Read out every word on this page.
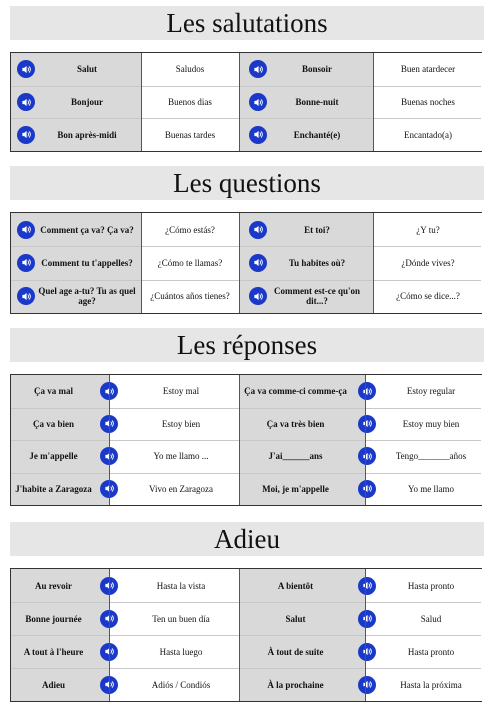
Les salutations
Salut	Saludos	Bonsoir	Buen atardecer
Bonjour	Buenos dias	Bonne-nuit	Buenas noches
Bon après-midi	Buenas tardes	Enchanté(e)	Encantado(a)
Les questions
Comment ça va? Ça va?	¿Cómo estás?	Et toi?	¿Y tu?
Comment tu t'appelles?	¿Cómo te llamas?	Tu habites où?	¿Dónde vives?
Quel age a-tu? Tu as quel age?	¿Cuántos años tienes?	Comment est-ce qu'on dit...?	¿Cómo se dice...?
Les réponses
Ça va mal	Estoy mal	Ça va comme-ci comme-ça	Estoy regular
Ça va bien	Estoy bien	Ça va très bien	Estoy muy bien
Je m'appelle	Yo me llamo ...	J'ai______ans	Tengo_______años
J'habite a Zaragoza	Vivo en Zaragoza	Moi, je m'appelle	Yo me llamo
Adieu
Au revoir	Hasta la vista	A bientôt	Hasta pronto
Bonne journée	Ten un buen día	Salut	Salud
A tout à l'heure	Hasta luego	À tout de suite	Hasta pronto
Adieu	Adiós / Condiós	À la prochaine	Hasta la próxima
